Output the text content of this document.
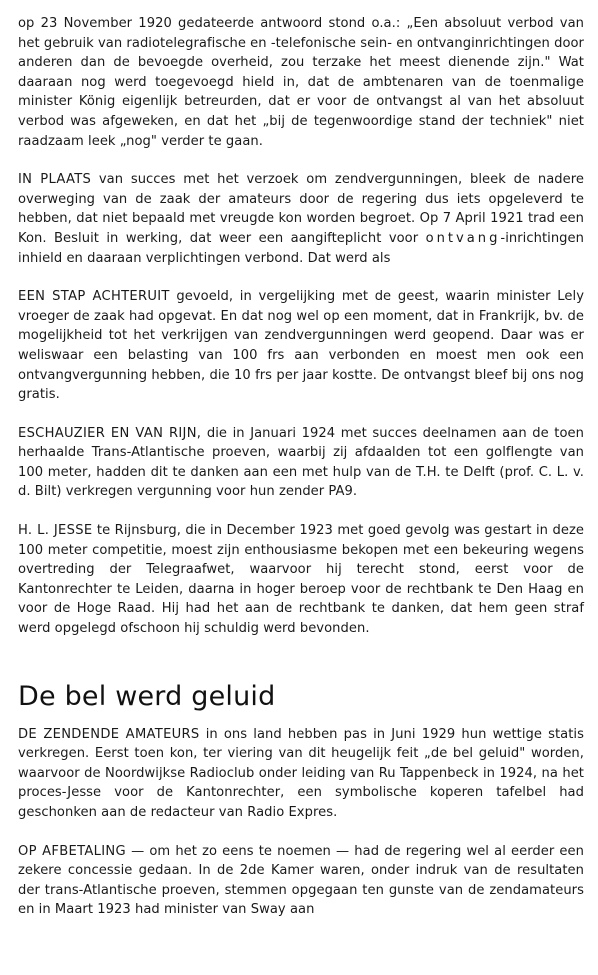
op 23 November 1920 gedateerde antwoord stond o.a.: „Een absoluut verbod van het gebruik van radiotelegrafische en -telefonische sein- en ontvanginrichtingen door anderen dan de bevoegde overheid, zou terzake het meest dienende zijn." Wat daaraan nog werd toegevoegd hield in, dat de ambtenaren van de toenmalige minister König eigenlijk betreurden, dat er voor de ontvangst al van het absoluut verbod was afgeweken, en dat het „bij de tegenwoordige stand der techniek" niet raadzaam leek „nog" verder te gaan.

IN PLAATS van succes met het verzoek om zendvergunningen, bleek de nadere overweging van de zaak der amateurs door de regering dus iets opgeleverd te hebben, dat niet bepaald met vreugde kon worden begroet. Op 7 April 1921 trad een Kon. Besluit in werking, dat weer een aangifteplicht voor ontvang-inrichtingen inhield en daaraan verplichtingen verbond. Dat werd als

EEN STAP ACHTERUIT gevoeld, in vergelijking met de geest, waarin minister Lely vroeger de zaak had opgevat. En dat nog wel op een moment, dat in Frankrijk, bv. de mogelijkheid tot het verkrijgen van zendvergunningen werd geopend. Daar was er weliswaar een belasting van 100 frs aan verbonden en moest men ook een ontvangvergunning hebben, die 10 frs per jaar kostte. De ontvangst bleef bij ons nog gratis.

ESCHAUZIER EN VAN RIJN, die in Januari 1924 met succes deelnamen aan de toen herhaalde Trans-Atlantische proeven, waarbij zij afdaalden tot een golflengte van 100 meter, hadden dit te danken aan een met hulp van de T.H. te Delft (prof. C. L. v. d. Bilt) verkregen vergunning voor hun zender PA9.

H. L. JESSE te Rijnsburg, die in December 1923 met goed gevolg was gestart in deze 100 meter competitie, moest zijn enthousiasme bekopen met een bekeuring wegens overtreding der Telegraafwet, waarvoor hij terecht stond, eerst voor de Kantonrechter te Leiden, daarna in hoger beroep voor de rechtbank te Den Haag en voor de Hoge Raad. Hij had het aan de rechtbank te danken, dat hem geen straf werd opgelegd ofschoon hij schuldig werd bevonden.

De bel werd geluid

DE ZENDENDE AMATEURS in ons land hebben pas in Juni 1929 hun wettige statis verkregen. Eerst toen kon, ter viering van dit heugelijk feit „de bel geluid" worden, waarvoor de Noordwijkse Radioclub onder leiding van Ru Tappenbeck in 1924, na het proces-Jesse voor de Kantonrechter, een symbolische koperen tafelbel had geschonken aan de redacteur van Radio Expres.

OP AFBETALING — om het zo eens te noemen — had de regering wel al eerder een zekere concessie gedaan. In de 2de Kamer waren, onder indruk van de resultaten der trans-Atlantische proeven, stemmen opgegaan ten gunste van de zendamateurs en in Maart 1923 had minister van Sway aan
